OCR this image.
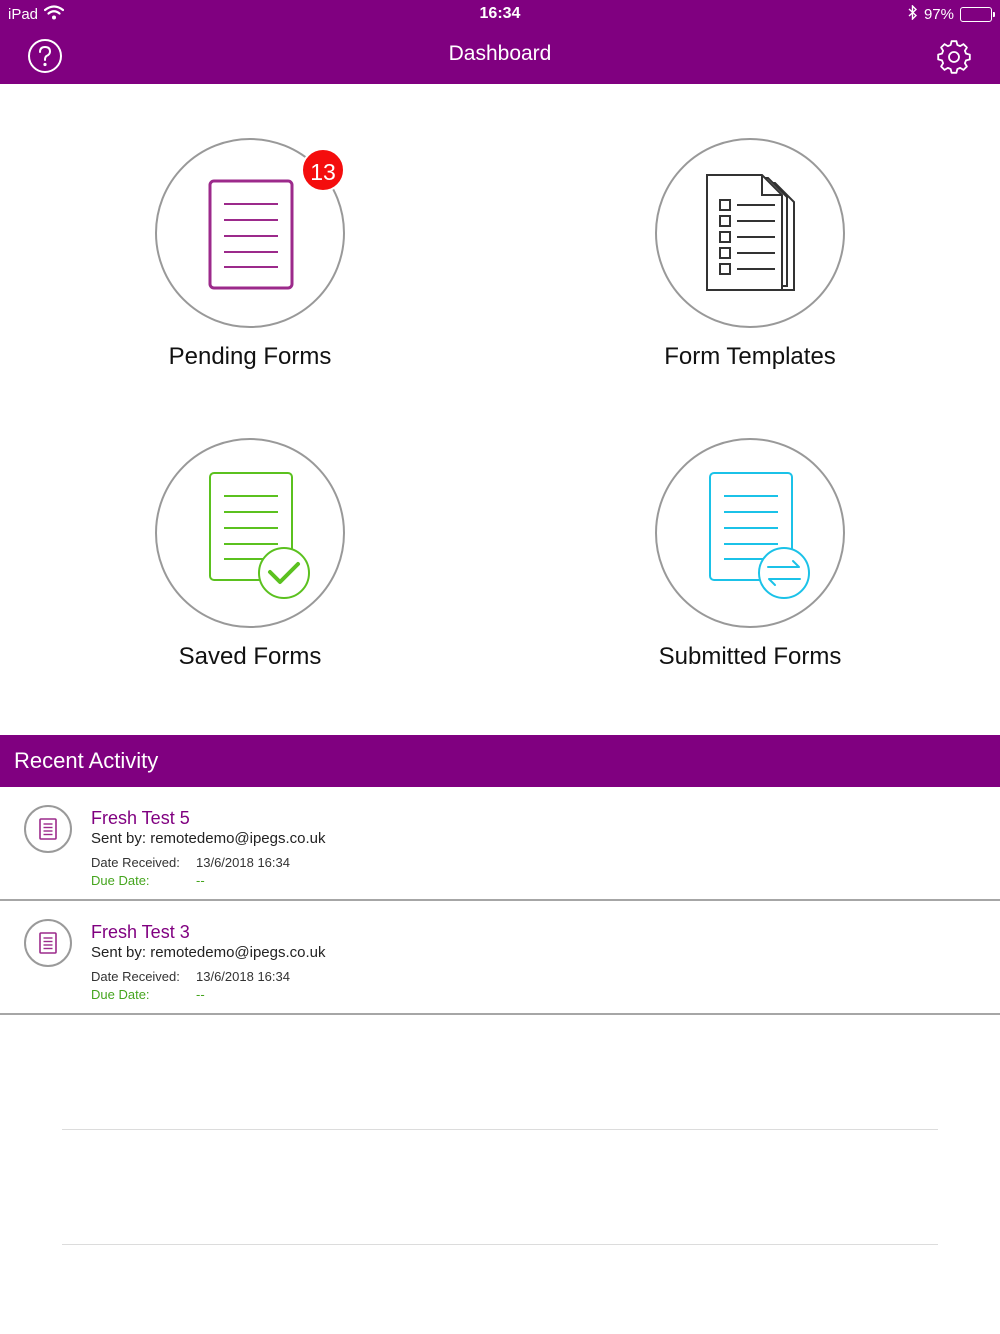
iPad	16:34	97%
Dashboard
13
Pending Forms	Form Templates
Saved Forms	Submitted Forms
Recent Activity
Fresh Test 5
Sent by: remotedemo@ipegs.co.uk
Date Received: 13/6/2018 16:34
Due Date:	--
Fresh Test 3
Sent by: remotedemo@ipegs.co.uk
Date Received: 13/6/2018 16:34
Due Date:	--
